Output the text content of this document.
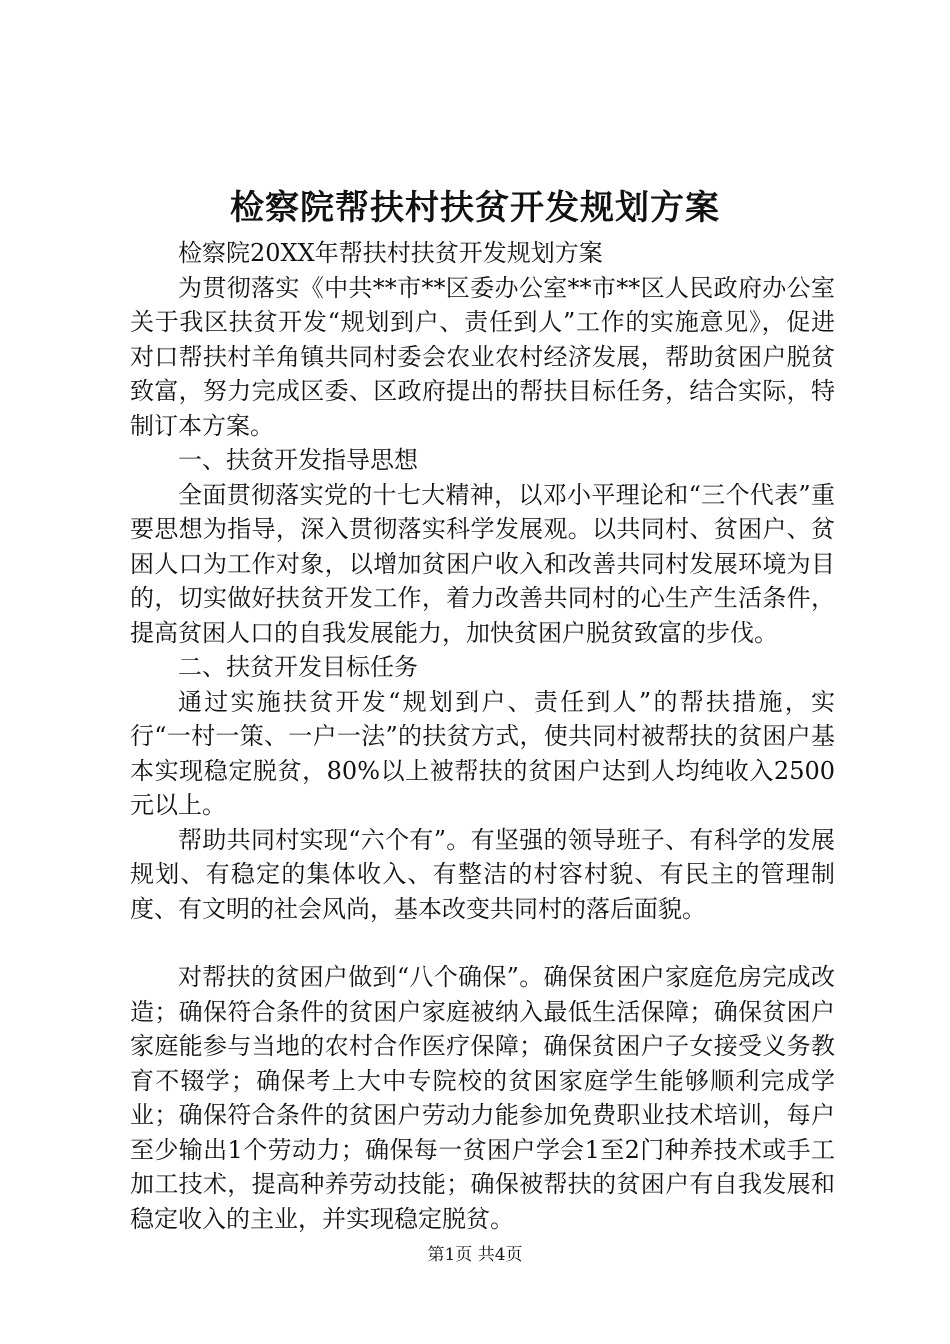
检察院帮扶村扶贫开发规划方案

检察院20XX年帮扶村扶贫开发规划方案

为贯彻落实《中共**市**区委办公室**市**区人民政府办公室关于我区扶贫开发“规划到户、责任到人”工作的实施意见》，促进对口帮扶村羊角镇共同村委会农业农村经济发展，帮助贫困户脱贫致富，努力完成区委、区政府提出的帮扶目标任务，结合实际，特制订本方案。

一、扶贫开发指导思想

全面贯彻落实党的十七大精神，以邓小平理论和“三个代表”重要思想为指导，深入贯彻落实科学发展观。以共同村、贫困户、贫困人口为工作对象，以增加贫困户收入和改善共同村发展环境为目的，切实做好扶贫开发工作，着力改善共同村的心生产生活条件，提高贫困人口的自我发展能力，加快贫困户脱贫致富的步伐。

二、扶贫开发目标任务

通过实施扶贫开发“规划到户、责任到人”的帮扶措施，实行“一村一策、一户一法”的扶贫方式，使共同村被帮扶的贫困户基本实现稳定脱贫，80%以上被帮扶的贫困户达到人均纯收入2500元以上。

帮助共同村实现“六个有”。有坚强的领导班子、有科学的发展规划、有稳定的集体收入、有整洁的村容村貌、有民主的管理制度、有文明的社会风尚，基本改变共同村的落后面貌。

对帮扶的贫困户做到“八个确保”。确保贫困户家庭危房完成改造；确保符合条件的贫困户家庭被纳入最低生活保障；确保贫困户家庭能参与当地的农村合作医疗保障；确保贫困户子女接受义务教育不辍学；确保考上大中专院校的贫困家庭学生能够顺利完成学业；确保符合条件的贫困户劳动力能参加免费职业技术培训，每户至少输出1个劳动力；确保每一贫困户学会1至2门种养技术或手工加工技术，提高种养劳动技能；确保被帮扶的贫困户有自我发展和稳定收入的主业，并实现稳定脱贫。

第1页 共4页
